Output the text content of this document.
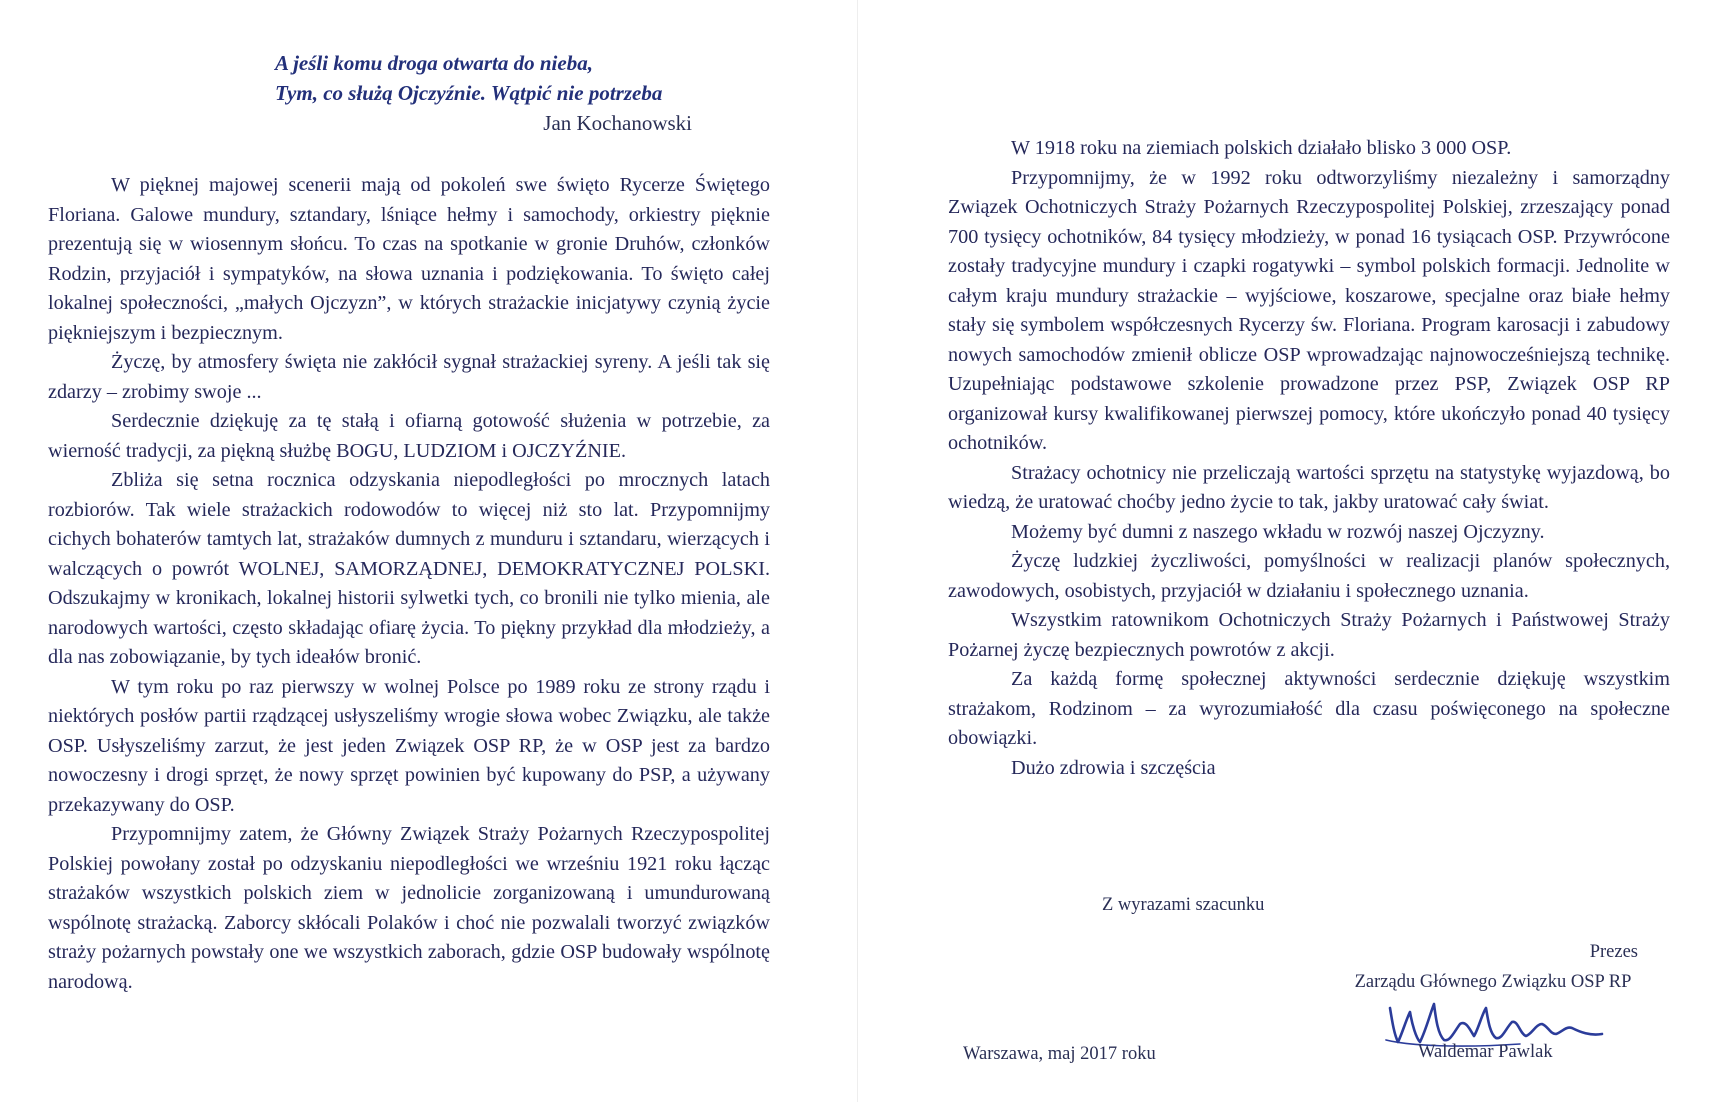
A jeśli komu droga otwarta do nieba,
Tym, co służą Ojczyźnie. Wątpić nie potrzeba
Jan Kochanowski

W pięknej majowej scenerii mają od pokoleń swe święto Rycerze Świętego Floriana. Galowe mundury, sztandary, lśniące hełmy i samochody, orkiestry pięknie prezentują się w wiosennym słońcu. To czas na spotkanie w gronie Druhów, członków Rodzin, przyjaciół i sympatyków, na słowa uznania i podziękowania. To święto całej lokalnej społeczności, „małych Ojczyzn”, w których strażackie inicjatywy czynią życie piękniejszym i bezpiecznym.

Życzę, by atmosfery święta nie zakłócił sygnał strażackiej syreny. A jeśli tak się zdarzy – zrobimy swoje ...

Serdecznie dziękuję za tę stałą i ofiarną gotowość służenia w potrzebie, za wierność tradycji, za piękną służbę BOGU, LUDZIOM i OJCZYŹNIE.

Zbliża się setna rocznica odzyskania niepodległości po mrocznych latach rozbiorów. Tak wiele strażackich rodowodów to więcej niż sto lat. Przypomnijmy cichych bohaterów tamtych lat, strażaków dumnych z munduru i sztandaru, wierzących i walczących o powrót WOLNEJ, SAMORZĄDNEJ, DEMOKRATYCZNEJ POLSKI. Odszukajmy w kronikach, lokalnej historii sylwetki tych, co bronili nie tylko mienia, ale narodowych wartości, często składając ofiarę życia. To piękny przykład dla młodzieży, a dla nas zobowiązanie, by tych ideałów bronić.

W tym roku po raz pierwszy w wolnej Polsce po 1989 roku ze strony rządu i niektórych posłów partii rządzącej usłyszeliśmy wrogie słowa wobec Związku, ale także OSP. Usłyszeliśmy zarzut, że jest jeden Związek OSP RP, że w OSP jest za bardzo nowoczesny i drogi sprzęt, że nowy sprzęt powinien być kupowany do PSP, a używany przekazywany do OSP.

Przypomnijmy zatem, że Główny Związek Straży Pożarnych Rzeczypospolitej Polskiej powołany został po odzyskaniu niepodległości we wrześniu 1921 roku łącząc strażaków wszystkich polskich ziem w jednolicie zorganizowaną i umundurowaną wspólnotę strażacką. Zaborcy skłócali Polaków i choć nie pozwalali tworzyć związków straży pożarnych powstały one we wszystkich zaborach, gdzie OSP budowały wspólnotę narodową.

W 1918 roku na ziemiach polskich działało blisko 3 000 OSP.

Przypomnijmy, że w 1992 roku odtworzyliśmy niezależny i samorządny Związek Ochotniczych Straży Pożarnych Rzeczypospolitej Polskiej, zrzeszający ponad 700 tysięcy ochotników, 84 tysięcy młodzieży, w ponad 16 tysiącach OSP. Przywrócone zostały tradycyjne mundury i czapki rogatywki – symbol polskich formacji. Jednolite w całym kraju mundury strażackie – wyjściowe, koszarowe, specjalne oraz białe hełmy stały się symbolem współczesnych Rycerzy św. Floriana. Program karosacji i zabudowy nowych samochodów zmienił oblicze OSP wprowadzając najnowocześniejszą technikę. Uzupełniając podstawowe szkolenie prowadzone przez PSP, Związek OSP RP organizował kursy kwalifikowanej pierwszej pomocy, które ukończyło ponad 40 tysięcy ochotników.

Strażacy ochotnicy nie przeliczają wartości sprzętu na statystykę wyjazdową, bo wiedzą, że uratować choćby jedno życie to tak, jakby uratować cały świat.

Możemy być dumni z naszego wkładu w rozwój naszej Ojczyzny.

Życzę ludzkiej życzliwości, pomyślności w realizacji planów społecznych, zawodowych, osobistych, przyjaciół w działaniu i społecznego uznania.

Wszystkim ratownikom Ochotniczych Straży Pożarnych i Państwowej Straży Pożarnej życzę bezpiecznych powrotów z akcji.

Za każdą formę społecznej aktywności serdecznie dziękuję wszystkim strażakom, Rodzinom – za wyrozumiałość dla czasu poświęconego na społeczne obowiązki.

Dużo zdrowia i szczęścia

Z wyrazami szacunku
Prezes
Zarządu Głównego Związku OSP RP
Waldemar Pawlak
Warszawa, maj 2017 roku
